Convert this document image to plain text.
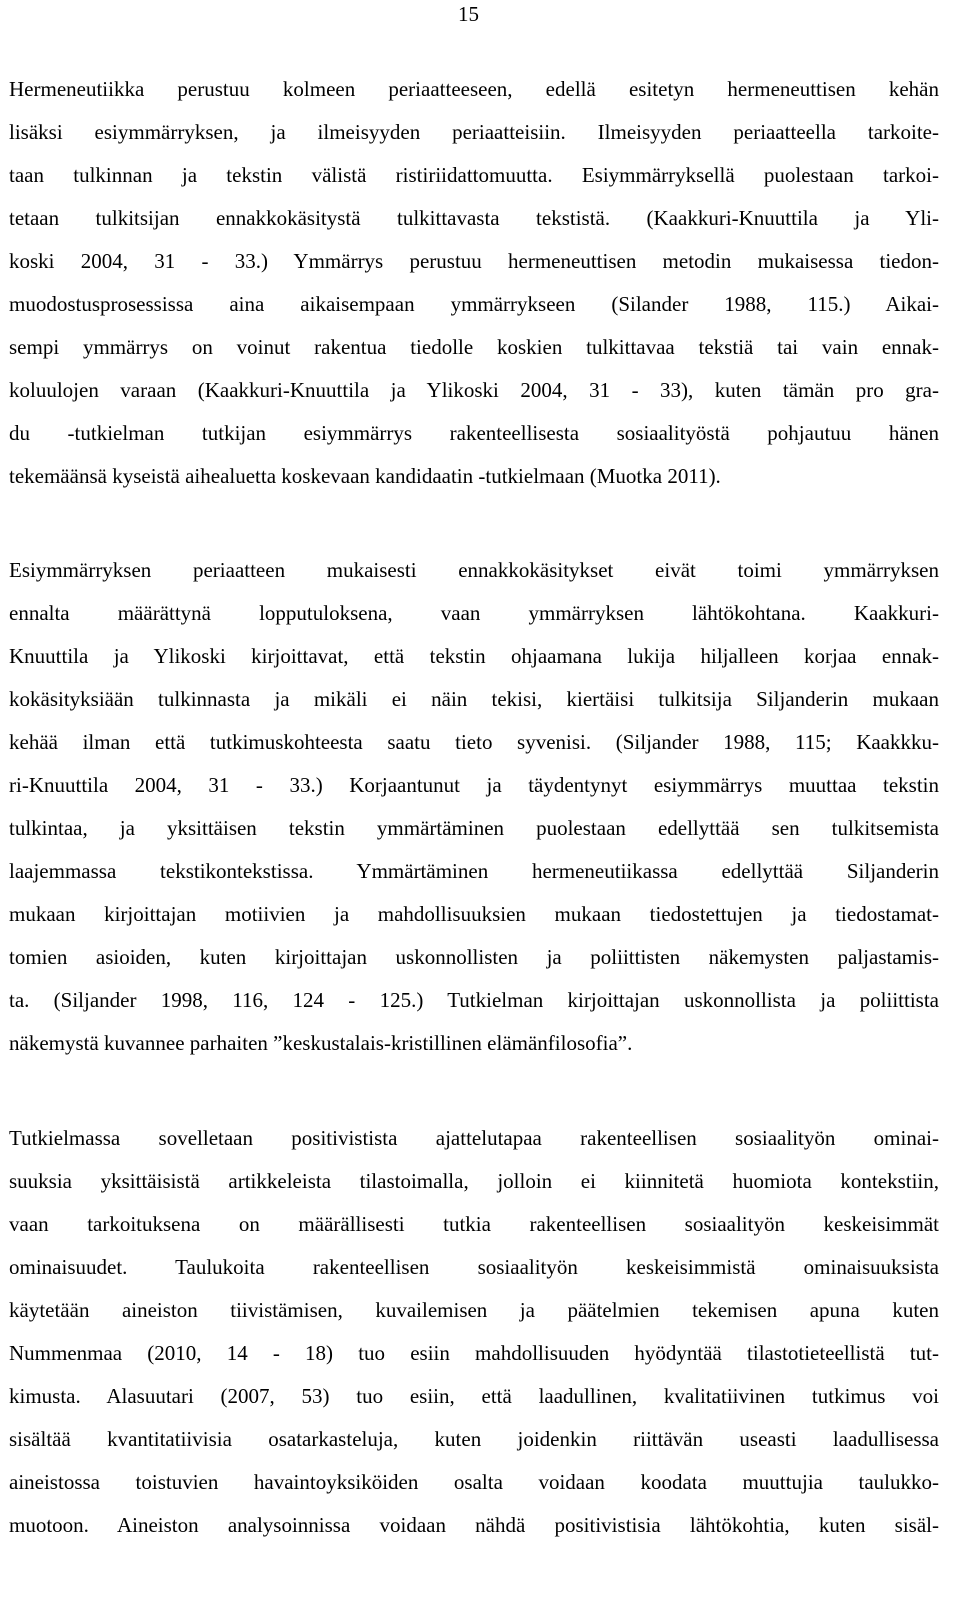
15
Hermeneutiikka perustuu kolmeen periaatteeseen, edellä esitetyn hermeneuttisen kehän
lisäksi esiymmärryksen, ja ilmeisyyden periaatteisiin. Ilmeisyyden periaatteella tarkoite-
taan tulkinnan ja tekstin välistä ristiriidattomuutta. Esiymmärryksellä puolestaan tarkoi-
tetaan tulkitsijan ennakkokäsitystä tulkittavasta tekstistä. (Kaakkuri-Knuuttila ja Yli-
koski 2004, 31 - 33.) Ymmärrys perustuu hermeneuttisen metodin mukaisessa tiedon-
muodostusprosessissa aina aikaisempaan ymmärrykseen (Silander 1988, 115.) Aikai-
sempi ymmärrys on voinut rakentua tiedolle koskien tulkittavaa tekstiä tai vain ennak-
koluulojen varaan (Kaakkuri-Knuuttila ja Ylikoski 2004, 31 - 33), kuten tämän pro gra-
du -tutkielman tutkijan esiymmärrys rakenteellisesta sosiaalityöstä pohjautuu hänen
tekemäänsä kyseistä aihealuetta koskevaan kandidaatin -tutkielmaan (Muotka 2011).
Esiymmärryksen periaatteen mukaisesti ennakkokäsitykset eivät toimi ymmärryksen
ennalta määrättynä lopputuloksena, vaan ymmärryksen lähtökohtana. Kaakkuri-
Knuuttila ja Ylikoski kirjoittavat, että tekstin ohjaamana lukija hiljalleen korjaa ennak-
kokäsityksiään tulkinnasta ja mikäli ei näin tekisi, kiertäisi tulkitsija Siljanderin mukaan
kehää ilman että tutkimuskohteesta saatu tieto syvenisi. (Siljander 1988, 115; Kaakkku-
ri-Knuuttila 2004, 31 - 33.) Korjaantunut ja täydentynyt esiymmärrys muuttaa tekstin
tulkintaa, ja yksittäisen tekstin ymmärtäminen puolestaan edellyttää sen tulkitsemista
laajemmassa tekstikontekstissa. Ymmärtäminen hermeneutiikassa edellyttää Siljanderin
mukaan kirjoittajan motiivien ja mahdollisuuksien mukaan tiedostettujen ja tiedostamat-
tomien asioiden, kuten kirjoittajan uskonnollisten ja poliittisten näkemysten paljastamis-
ta. (Siljander 1998, 116, 124 - 125.) Tutkielman kirjoittajan uskonnollista ja poliittista
näkemystä kuvannee parhaiten ”keskustalais-kristillinen elämänfilosofia”.
Tutkielmassa sovelletaan positivistista ajattelutapaa rakenteellisen sosiaalityön ominai-
suuksia yksittäisistä artikkeleista tilastoimalla, jolloin ei kiinnitetä huomiota kontekstiin,
vaan tarkoituksena on määrällisesti tutkia rakenteellisen sosiaalityön keskeisimmät
ominaisuudet. Taulukoita rakenteellisen sosiaalityön keskeisimmistä ominaisuuksista
käytetään aineiston tiivistämisen, kuvailemisen ja päätelmien tekemisen apuna kuten
Nummenmaa (2010, 14 - 18) tuo esiin mahdollisuuden hyödyntää tilastotieteellistä tut-
kimusta. Alasuutari (2007, 53) tuo esiin, että laadullinen, kvalitatiivinen tutkimus voi
sisältää kvantitatiivisia osatarkasteluja, kuten joidenkin riittävän useasti laadullisessa
aineistossa toistuvien havaintoyksiköiden osalta voidaan koodata muuttujia taulukko-
muotoon. Aineiston analysoinnissa voidaan nähdä positivistisia lähtökohtia, kuten sisäl-
